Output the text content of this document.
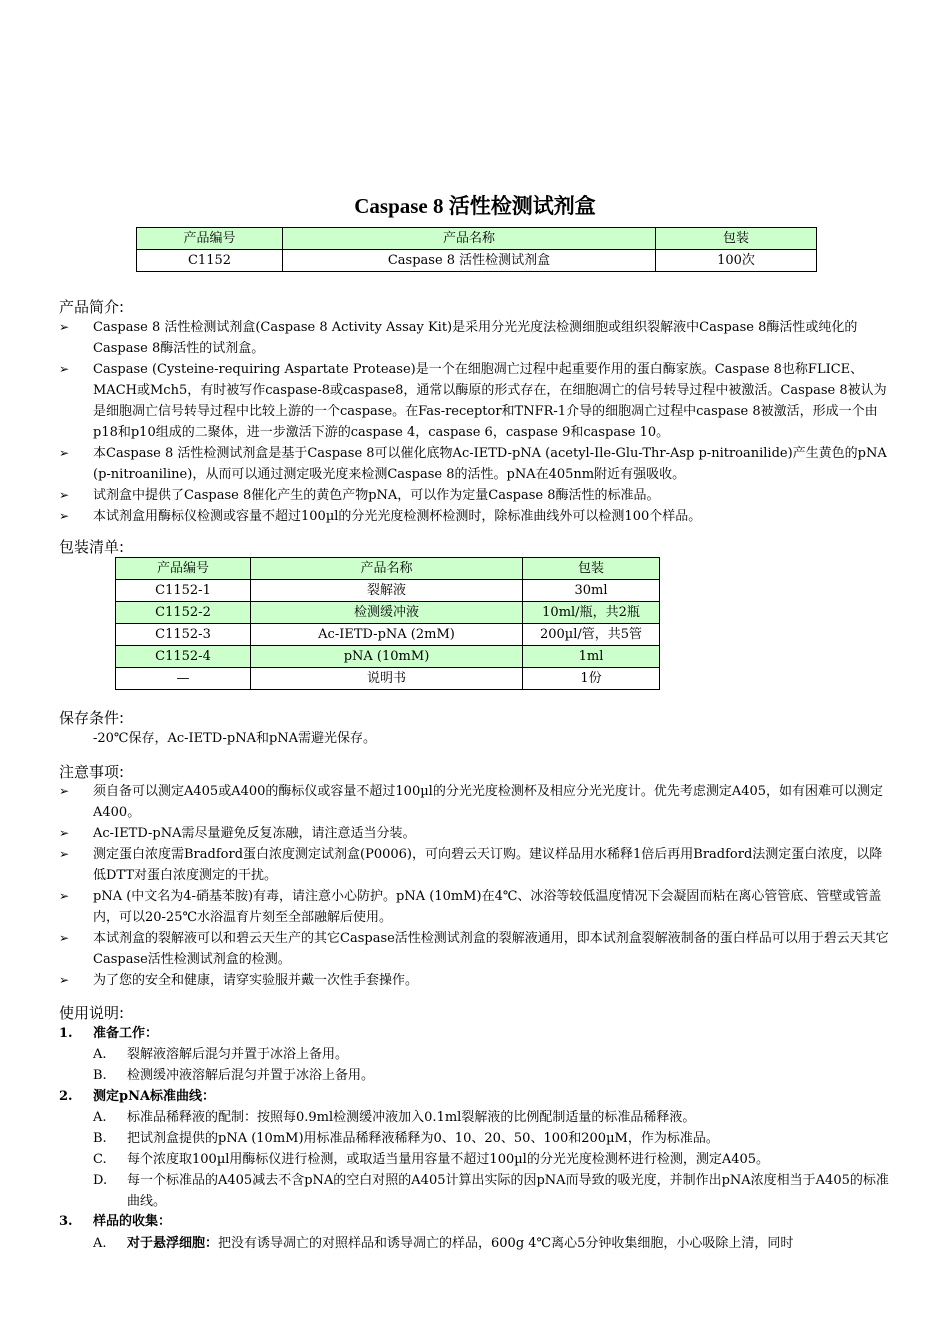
Caspase 8 活性检测试剂盒
产品编号	产品名称	包装
C1152	Caspase 8 活性检测试剂盒	100次
产品简介:

➢ Caspase 8 活性检测试剂盒(Caspase 8 Activity Assay Kit)是采用分光光度法检测细胞或组织裂解液中Caspase 8酶活性或纯化的Caspase 8酶活性的试剂盒。

➢ Caspase (Cysteine-requiring Aspartate Protease)是一个在细胞凋亡过程中起重要作用的蛋白酶家族。Caspase 8也称FLICE、MACH或Mch5，有时被写作caspase-8或caspase8，通常以酶原的形式存在，在细胞凋亡的信号转导过程中被激活。Caspase 8被认为是细胞凋亡信号转导过程中比较上游的一个caspase。在Fas-receptor和TNFR-1介导的细胞凋亡过程中caspase 8被激活，形成一个由p18和p10组成的二聚体，进一步激活下游的caspase 4，caspase 6，caspase 9和caspase 10。

➢ 本Caspase 8 活性检测试剂盒是基于Caspase 8可以催化底物Ac-IETD-pNA (acetyl-Ile-Glu-Thr-Asp p-nitroanilide)产生黄色的pNA (p-nitroaniline)，从而可以通过测定吸光度来检测Caspase 8的活性。pNA在405nm附近有强吸收。

➢ 试剂盒中提供了Caspase 8催化产生的黄色产物pNA，可以作为定量Caspase 8酶活性的标准品。

➢ 本试剂盒用酶标仪检测或容量不超过100µl的分光光度检测杯检测时，除标准曲线外可以检测100个样品。

包装清单:
产品编号	产品名称	包装
C1152-1	裂解液	30ml
C1152-2	检测缓冲液	10ml/瓶，共2瓶
C1152-3	Ac-IETD-pNA (2mM)	200µl/管，共5管
C1152-4	pNA (10mM)	1ml
—	说明书	1份
保存条件:
-20℃保存，Ac-IETD-pNA和pNA需避光保存。
注意事项:

➢ 须自备可以测定A405或A400的酶标仪或容量不超过100µl的分光光度检测杯及相应分光光度计。优先考虑测定A405，如有困难可以测定A400。

➢ Ac-IETD-pNA需尽量避免反复冻融，请注意适当分装。

➢ 测定蛋白浓度需Bradford蛋白浓度测定试剂盒(P0006)，可向碧云天订购。建议样品用水稀释1倍后再用Bradford法测定蛋白浓度，以降低DTT对蛋白浓度测定的干扰。

➢ pNA (中文名为4-硝基苯胺)有毒，请注意小心防护。pNA (10mM)在4℃、冰浴等较低温度情况下会凝固而粘在离心管管底、管壁或管盖内，可以20-25℃水浴温育片刻至全部融解后使用。

➢ 本试剂盒的裂解液可以和碧云天生产的其它Caspase活性检测试剂盒的裂解液通用，即本试剂盒裂解液制备的蛋白样品可以用于碧云天其它Caspase活性检测试剂盒的检测。

➢ 为了您的安全和健康，请穿实验服并戴一次性手套操作。

使用说明:
1. 准备工作：

A. 裂解液溶解后混匀并置于冰浴上备用。

B. 检测缓冲液溶解后混匀并置于冰浴上备用。

2. 测定pNA标准曲线：

A. 标准品稀释液的配制：按照每0.9ml检测缓冲液加入0.1ml裂解液的比例配制适量的标准品稀释液。

B. 把试剂盒提供的pNA (10mM)用标准品稀释液稀释为0、10、20、50、100和200µM，作为标准品。

C. 每个浓度取100µl用酶标仪进行检测，或取适当量用容量不超过100µl的分光光度检测杯进行检测，测定A405。

D. 每一个标准品的A405减去不含pNA的空白对照的A405计算出实际的因pNA而导致的吸光度，并制作出pNA浓度相当于A405的标准曲线。

3. 样品的收集：

A. 对于悬浮细胞：把没有诱导凋亡的对照样品和诱导凋亡的样品，600g 4℃离心5分钟收集细胞，小心吸除上清，同时
